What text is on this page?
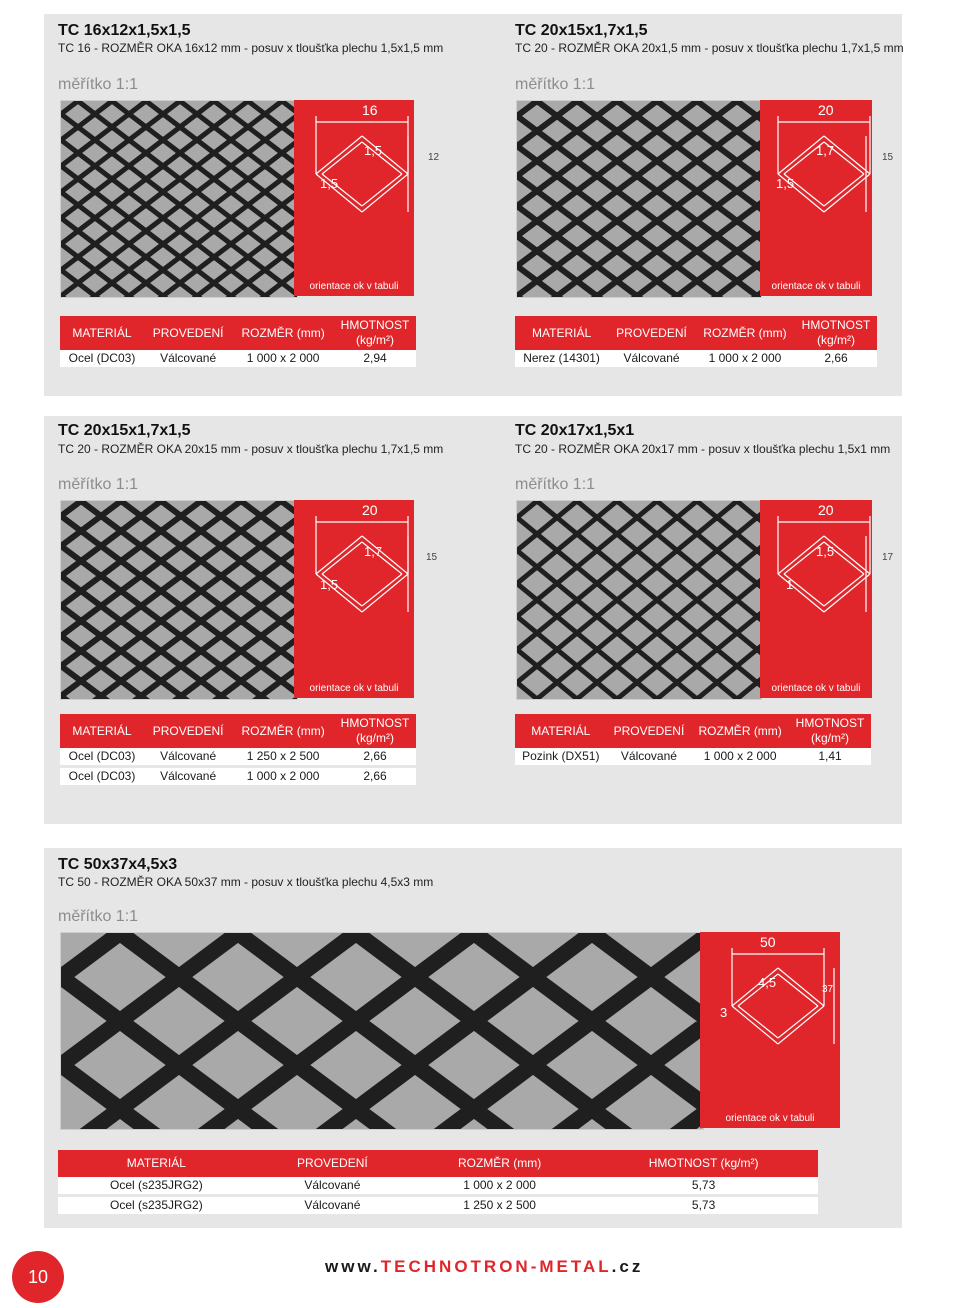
TC 16x12x1,5x1,5
TC 16 - ROZMĚR OKA 16x12 mm - posuv x tloušťka plechu 1,5x1,5 mm
měřítko 1:1
16
1,5
1,5
orientace ok v tabuli
12
MATERIÁL	PROVEDENÍ	ROZMĚR (mm)	HMOTNOST (kg/m²)
Ocel (DC03)	Válcované	1 000 x 2 000	2,94
TC 20x15x1,7x1,5
TC 20 - ROZMĚR OKA 20x1,5 mm - posuv x tloušťka plechu 1,7x1,5 mm
měřítko 1:1
20
1,7
1,5
orientace ok v tabuli
15
MATERIÁL	PROVEDENÍ	ROZMĚR (mm)	HMOTNOST (kg/m²)
Nerez (14301)	Válcované	1 000 x 2 000	2,66
TC 20x15x1,7x1,5
TC 20 - ROZMĚR OKA 20x15 mm - posuv x tloušťka plechu 1,7x1,5 mm
měřítko 1:1
20
1,7
1,5
orientace ok v tabuli
15
MATERIÁL	PROVEDENÍ	ROZMĚR (mm)	HMOTNOST (kg/m²)
Ocel (DC03)	Válcované	1 250 x 2 500	2,66
Ocel (DC03)	Válcované	1 000 x 2 000	2,66
TC 20x17x1,5x1
TC 20 - ROZMĚR OKA 20x17 mm - posuv x tloušťka plechu 1,5x1 mm
měřítko 1:1
20
1,5
1
orientace ok v tabuli
17
MATERIÁL	PROVEDENÍ	ROZMĚR (mm)	HMOTNOST (kg/m²)
Pozink (DX51)	Válcované	1 000 x 2 000	1,41
TC 50x37x4,5x3
TC 50 - ROZMĚR OKA 50x37 mm - posuv x tloušťka plechu 4,5x3 mm
měřítko 1:1
50
4,5	37
3
orientace ok v tabuli
MATERIÁL	PROVEDENÍ	ROZMĚR (mm)	HMOTNOST (kg/m²)
Ocel (s235JRG2)	Válcované	1 000 x 2 000	5,73
Ocel (s235JRG2)	Válcované	1 250 x 2 500	5,73
10
www.TECHNOTRON-METAL.cz
